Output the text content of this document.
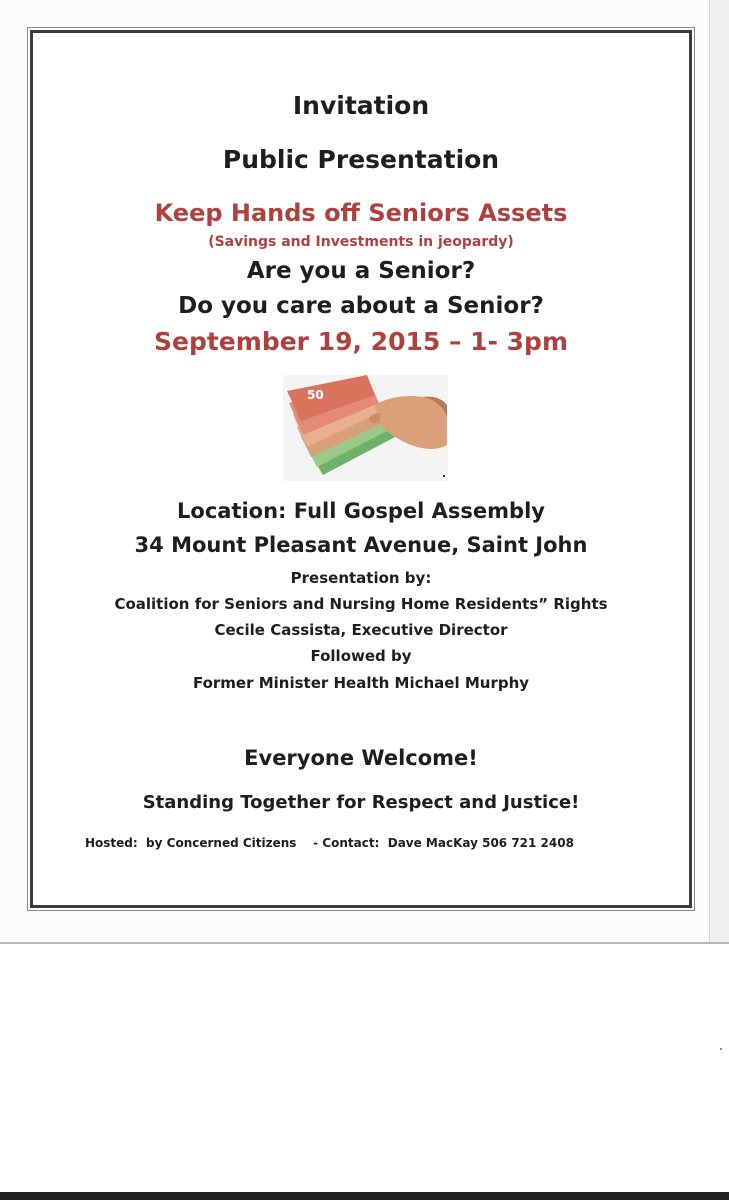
Invitation
Public Presentation
Keep Hands off Seniors Assets
(Savings and Investments in jeopardy)
Are you a Senior?
Do you care about a Senior?
September 19, 2015 – 1- 3pm
50
Location: Full Gospel Assembly
34 Mount Pleasant Avenue, Saint John
Presentation by:
Coalition for Seniors and Nursing Home Residents” Rights
Cecile Cassista, Executive Director
Followed by
Former Minister Health Michael Murphy
Everyone Welcome!
Standing Together for Respect and Justice!
Hosted:  by Concerned Citizens    - Contact:  Dave MacKay 506 721 2408
